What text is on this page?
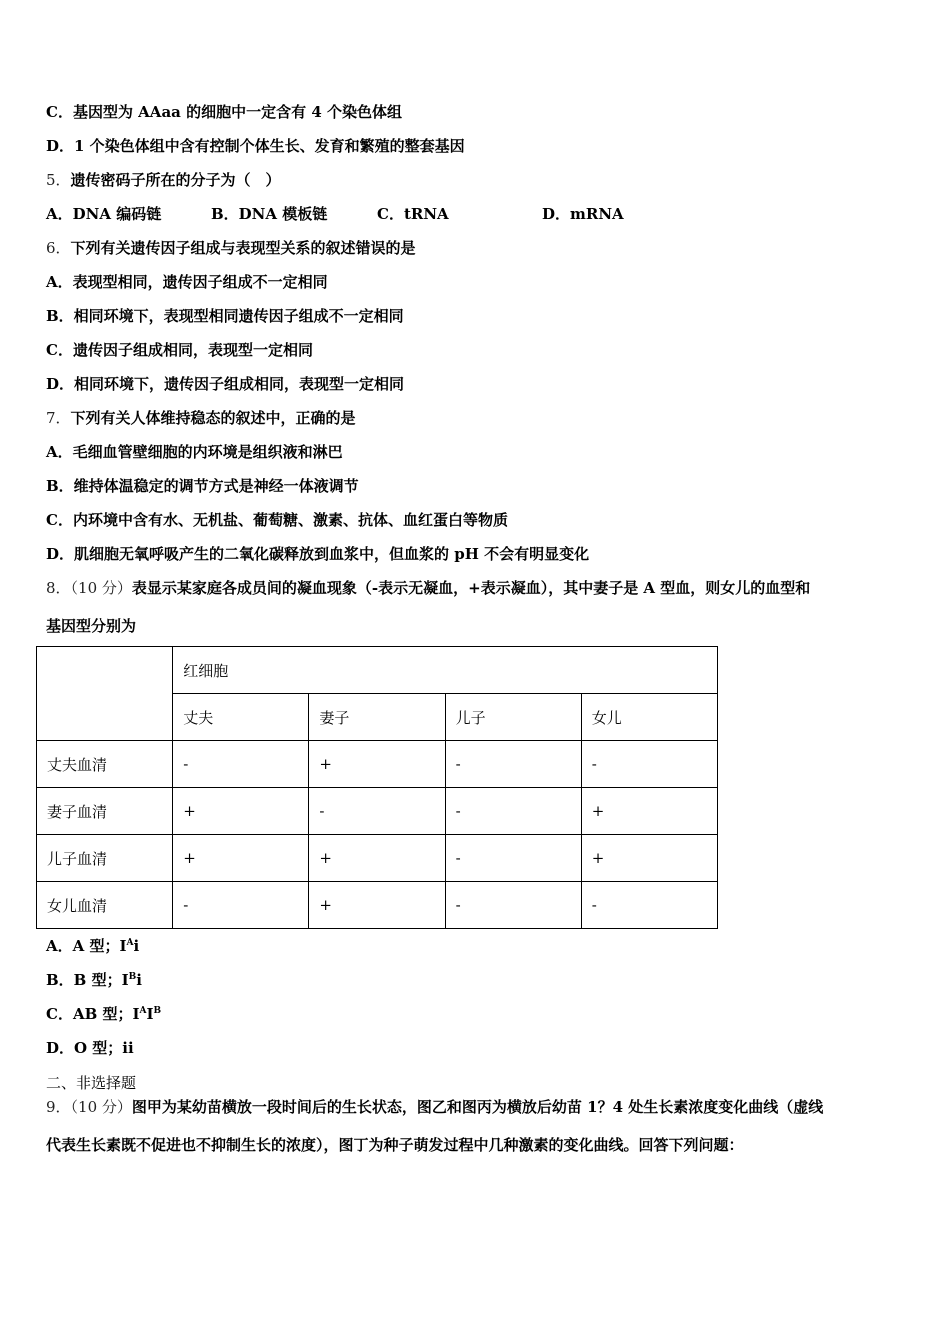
C．基因型为 AAaa 的细胞中一定含有 4 个染色体组
D．1 个染色体组中含有控制个体生长、发育和繁殖的整套基因
5．遗传密码子所在的分子为（　）
A．DNA 编码链	B．DNA 模板链	C．tRNA	D．mRNA
6．下列有关遗传因子组成与表现型关系的叙述错误的是
A．表现型相同，遗传因子组成不一定相同
B．相同环境下，表现型相同遗传因子组成不一定相同
C．遗传因子组成相同，表现型一定相同
D．相同环境下，遗传因子组成相同，表现型一定相同
7．下列有关人体维持稳态的叙述中，正确的是
A．毛细血管壁细胞的内环境是组织液和淋巴
B．维持体温稳定的调节方式是神经一体液调节
C．内环境中含有水、无机盐、葡萄糖、激素、抗体、血红蛋白等物质
D．肌细胞无氧呼吸产生的二氧化碳释放到血浆中，但血浆的 pH 不会有明显变化
8．（10 分）表显示某家庭各成员间的凝血现象（-表示无凝血，+表示凝血），其中妻子是 A 型血，则女儿的血型和
基因型分别为
	红细胞			
	丈夫	妻子	儿子	女儿
丈夫血清	-	+	-	-
妻子血清	+	-	-	+
儿子血清	+	+	-	+
女儿血清	-	+	-	-
A．A 型；$I^Ai$
B．B 型；$I^Bi$
C．AB 型；$I^AI^B$
D．O 型；ii
二、非选择题
9．（10 分）图甲为某幼苗横放一段时间后的生长状态，图乙和图丙为横放后幼苗 1？4 处生长素浓度变化曲线（虚线
代表生长素既不促进也不抑制生长的浓度），图丁为种子萌发过程中几种激素的变化曲线。回答下列问题：
